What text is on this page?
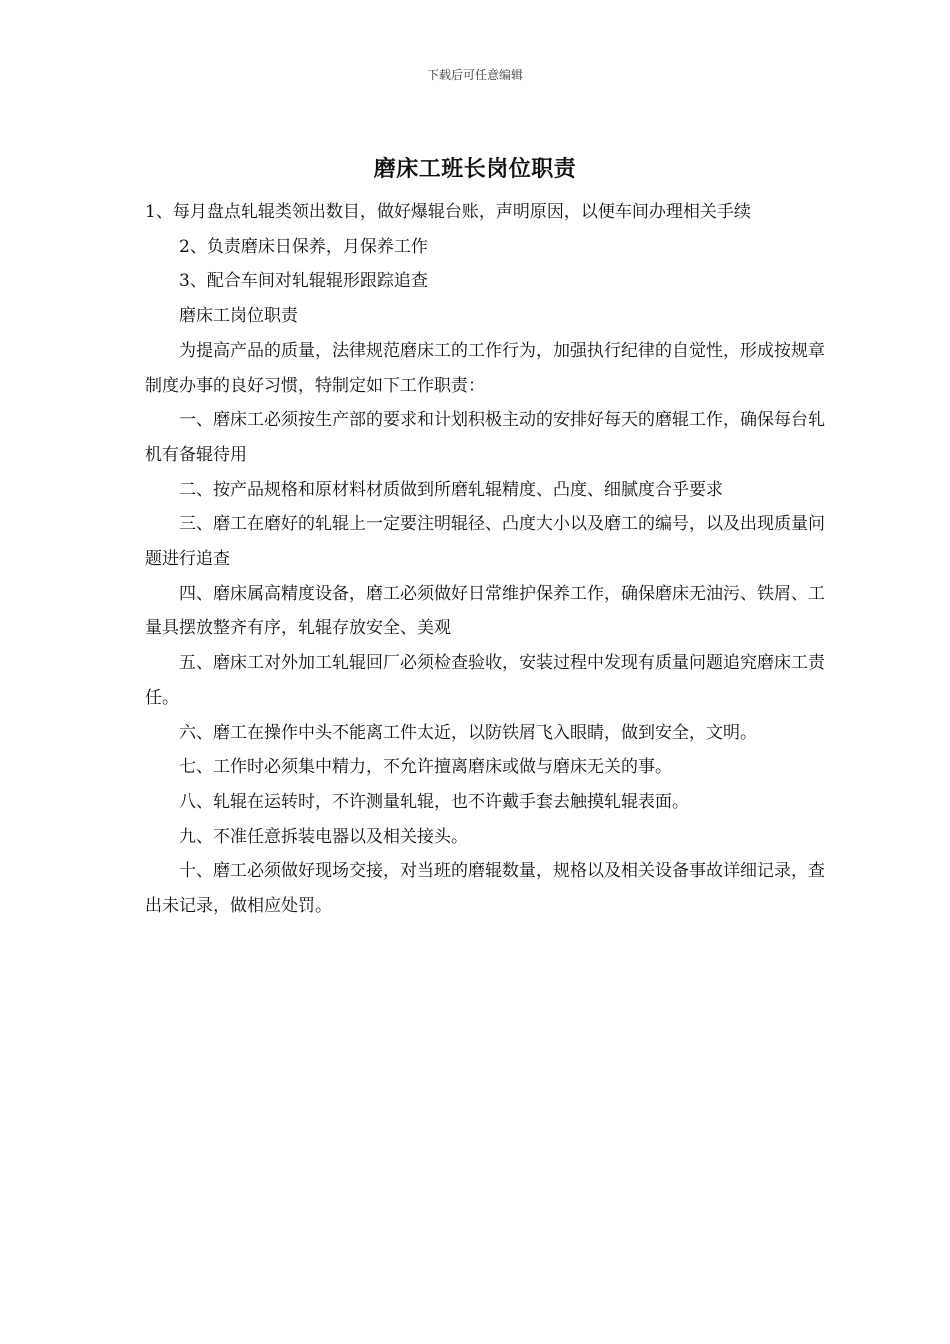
下载后可任意编辑
磨床工班长岗位职责

1、每月盘点轧辊类领出数目，做好爆辊台账，声明原因，以便车间办理相关手续

2、负责磨床日保养，月保养工作

3、配合车间对轧辊辊形跟踪追查

磨床工岗位职责

为提高产品的质量，法律规范磨床工的工作行为，加强执行纪律的自觉性，形成按规章制度办事的良好习惯，特制定如下工作职责：

一、磨床工必须按生产部的要求和计划积极主动的安排好每天的磨辊工作，确保每台轧机有备辊待用

二、按产品规格和原材料材质做到所磨轧辊精度、凸度、细腻度合乎要求

三、磨工在磨好的轧辊上一定要注明辊径、凸度大小以及磨工的编号，以及出现质量问题进行追查

四、磨床属高精度设备，磨工必须做好日常维护保养工作，确保磨床无油污、铁屑、工量具摆放整齐有序，轧辊存放安全、美观

五、磨床工对外加工轧辊回厂必须检查验收，安装过程中发现有质量问题追究磨床工责任。

六、磨工在操作中头不能离工件太近，以防铁屑飞入眼睛，做到安全，文明。

七、工作时必须集中精力，不允许擅离磨床或做与磨床无关的事。

八、轧辊在运转时，不许测量轧辊，也不许戴手套去触摸轧辊表面。

九、不准任意拆装电器以及相关接头。

十、磨工必须做好现场交接，对当班的磨辊数量，规格以及相关设备事故详细记录，查出未记录，做相应处罚。
